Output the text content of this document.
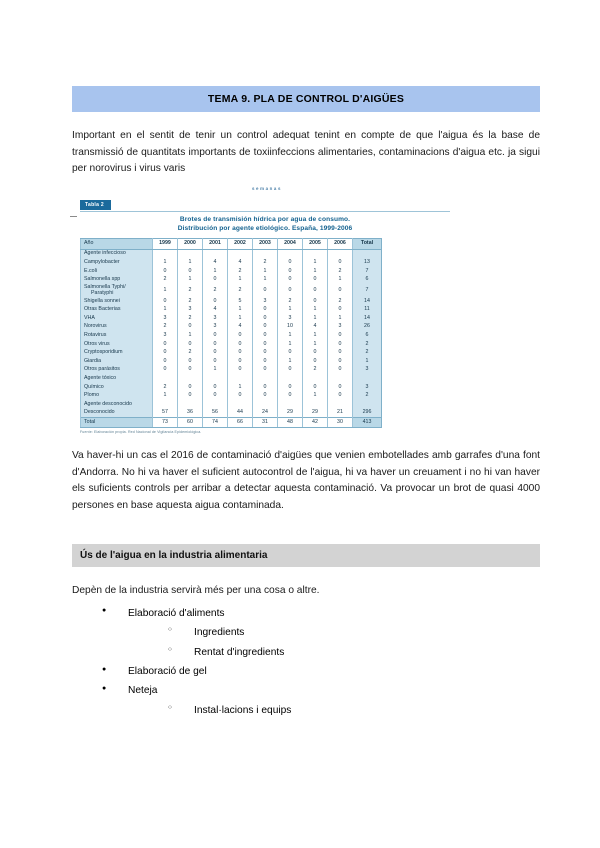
TEMA 9. PLA DE CONTROL D'AIGÜES

Important en el sentit de tenir un control adequat tenint en compte de que l'aigua és la base de transmissió de quantitats importants de toxiinfeccions alimentaries, contaminacions d'aigua etc. ja sigui per norovirus i virus varis

semanas
Tabla 2
Brotes de transmisión hídrica por agua de consumo.
Distribución por agente etiológico. España, 1999-2006
Año	1999	2000	2001	2002	2003	2004	2005	2006	Total
Agente infeccioso									
Campylobacter	1	1	4	4	2	0	1	0	13
E.coli	0	0	1	2	1	0	1	2	7
Salmonella spp	2	1	0	1	1	0	0	1	6

Salmonella Typhi/
Paratyphi	1	2	2	2	0	0	0	0	7
Shigella sonnei	0	2	0	5	3	2	0	2	14
Otras Bacterias	1	3	4	1	0	1	1	0	11
VHA	3	2	3	1	0	3	1	1	14
Norovirus	2	0	3	4	0	10	4	3	26
Rotavirus	3	1	0	0	0	1	1	0	6
Otros virus	0	0	0	0	0	1	1	0	2
Cryptosporidium	0	2	0	0	0	0	0	0	2
Giardia	0	0	0	0	0	1	0	0	1
Otros parásitos	0	0	1	0	0	0	2	0	3
Agente tóxico									
Químico	2	0	0	1	0	0	0	0	3
Plomo	1	0	0	0	0	0	1	0	2
Agente desconocido									
Desconocido	57	36	56	44	24	29	29	21	296
Total	73	60	74	66	31	48	42	30	413
Fuente: Elaboración propia. Red Nacional de Vigilancia Epidemiológica.

Va haver-hi un cas el 2016 de contaminació d'aigües que venien embotellades amb garrafes d'una font d'Andorra. No hi va haver el suficient autocontrol de l'aigua, hi va haver un creuament i no hi van haver els suficients controls per arribar a detectar aquesta contaminació. Va provocar un brot de quasi 4000 persones en base aquesta aigua contaminada.

Ús de l'aigua en la industria alimentaria

Depèn de la industria servirà més per una cosa o altre.

● Elaboració d'aliments
○ Ingredients
○ Rentat d'ingredients
● Elaboració de gel
● Neteja
○ Instal·lacions i equips
